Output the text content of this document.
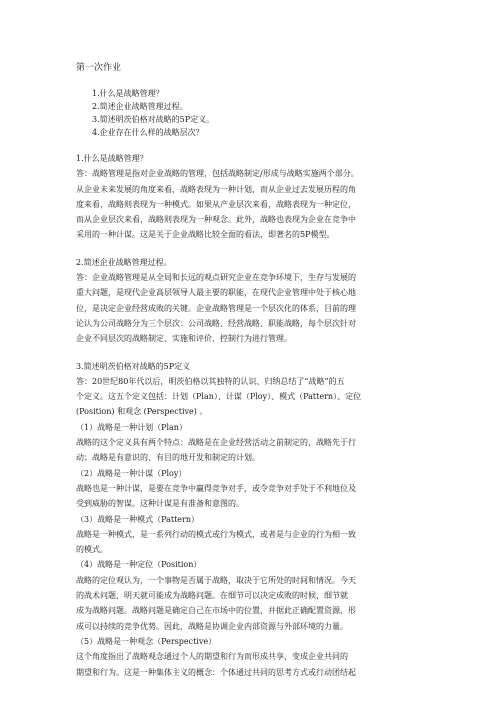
第一次作业
1.什么是战略管理？
2.简述企业战略管理过程。
3.简述明茨伯格对战略的5P定义。
4.企业存在什么样的战略层次？

1.什么是战略管理？

答：战略管理是指对企业战略的管理，包括战略制定/形成与战略实施两个部分。

从企业未来发展的角度来看，战略表现为一种计划，而从企业过去发展历程的角

度来看，战略则表现为一种模式。如果从产业层次来看，战略表现为一种定位，

而从企业层次来看，战略则表现为一种观念。此外，战略也表现为企业在竞争中

采用的一种计谋。这是关于企业战略比较全面的看法，即著名的5P模型。

2.简述企业战略管理过程。

答：企业战略管理是从全局和长远的观点研究企业在竞争环境下，生存与发展的

重大问题，是现代企业高层领导人最主要的职能，在现代企业管理中处于核心地

位，是决定企业经营成败的关键。企业战略管理是一个层次化的体系，目前的理

论认为公司战略分为三个层次：公司战略、经营战略、职能战略，每个层次针对

企业不同层次的战略制定、实施和评价、控制行为进行管理。

3.简述明茨伯格对战略的5P定义

答：20世纪80年代以后，明茨伯格以其独特的认识、归纳总结了“战略”的五

个定义。这五个定义包括：计划（Plan）、计谋（Ploy）、模式（Pattern）、定位

(Position) 和观念 (Perspective) 。

（1）战略是一种计划（Plan）

战略的这个定义具有两个特点：战略是在企业经营活动之前制定的，战略先于行

动；战略是有意识的、有目的地开发和制定的计划。

（2）战略是一种计谋（Ploy）

战略也是一种计谋，是要在竞争中赢得竞争对手，或令竞争对手处于不利地位及

受到威胁的智谋。这种计谋是有准备和意图的。

（3）战略是一种模式（Pattern）

战略是一种模式，是一系列行动的模式或行为模式，或者是与企业的行为相一致

的模式。

（4）战略是一种定位（Position）

战略的定位观认为，一个事物是否属于战略，取决于它所处的时间和情况。今天

的战术问题，明天就可能成为战略问题。在细节可以决定成败的时候，细节就

成为战略问题。战略问题是确定自己在市场中的位置，并据此正确配置资源，形

成可以持续的竞争优势。因此，战略是协调企业内部资源与外部环境的力量。

（5）战略是一种观念（Perspective）

这个角度指出了战略观念通过个人的期望和行为而形成共享，变成企业共同的

期望和行为。这是一种集体主义的概念：个体通过共同的思考方式或行动团结起
